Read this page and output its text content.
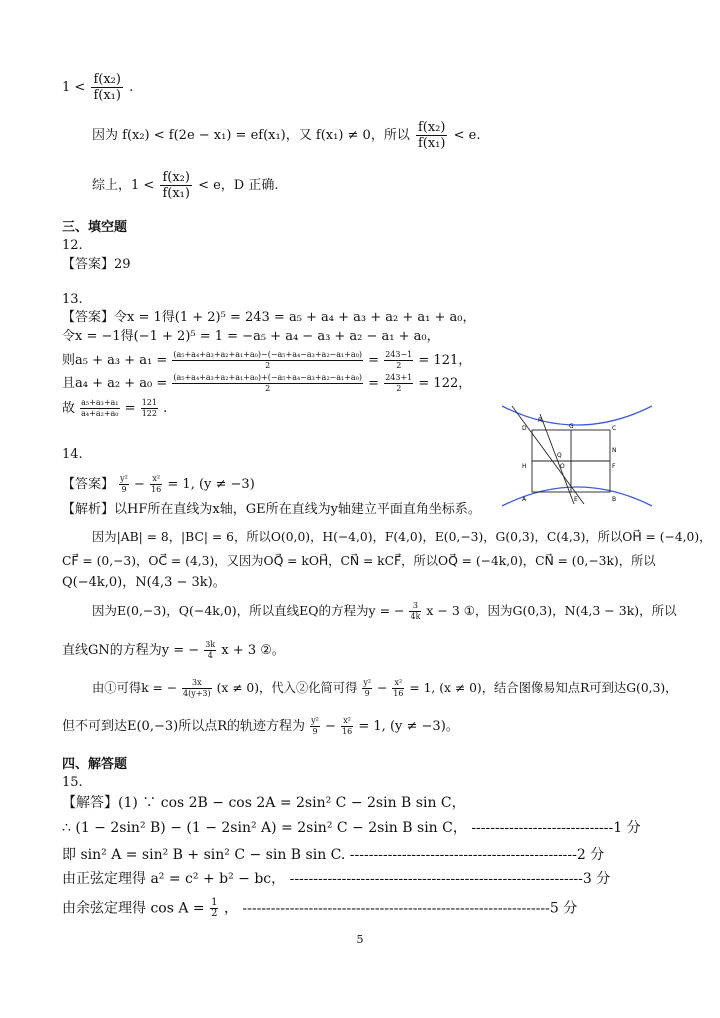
$1 < \frac{\text{f(x₂)}}{\text{f(x₁)}}$ .
因为 f(x₂) < f(2e − x₁) = ef(x₁)，又 f(x₁) ≠ 0，所以 $\frac{\text{f(x₂)}}{\text{f(x₁)}} < e$.
综上，$1 < \frac{\text{f(x₂)}}{\text{f(x₁)}} < e$，D 正确.
三、填空题
12.
【答案】29
13.
【答案】令x = 1得(1 + 2)⁵ = 243 = a₅ + a₄ + a₃ + a₂ + a₁ + a₀，
令x = −1得(−1 + 2)⁵ = 1 = −a₅ + a₄ − a₃ + a₂ − a₁ + a₀，
则$a_5 + a_3 + a_1 = \frac{\text{(a₅+a₄+a₃+a₂+a₁+a₀)−(−a₅+a₄−a₃+a₂−a₁+a₀)}}{2} = \frac{243-1}{2} = 121$，
且$a_4 + a_2 + a_0 = \frac{\text{(a₅+a₄+a₃+a₂+a₁+a₀)+(−a₅+a₄−a₃+a₂−a₁+a₀)}}{2} = \frac{243+1}{2} = 122$，
故 $\frac{\text{a₅+a₃+a₁}}{\text{a₄+a₂+a₀}} = \frac{121}{122}$ .
14.
【答案】 $\frac{\text{y²}}{9} - \frac{\text{x²}}{16} = 1$, (y ≠ −3)
【解析】以HF所在直线为x轴，GE所在直线为y轴建立平面直角坐标系。
因为|AB| = 8，|BC| = 6，所以O(0,0)，H(−4,0)，F(4,0)，E(0,−3)，G(0,3)，C(4,3)，所以OH⃗ = (−4,0)，
CF⃗ = (0,−3)，OC⃗ = (4,3)，又因为OQ⃗ = kOH⃗，CN⃗ = kCF⃗，所以OQ⃗ = (−4k,0)，CN⃗ = (0,−3k)，所以
Q(−4k,0)，N(4,3 − 3k)。
因为E(0,−3)，Q(−4k,0)，所以直线EQ的方程为y = − $\frac{3}{4k}$ x − 3 ①，因为G(0,3)，N(4,3 − 3k)，所以
直线GN的方程为y = − $\frac{3k}{4}$ x + 3 ②。
由①可得k = − $\frac{3x}{4(y+3)} (x \ne 0)$，代入②化简可得 $\frac{\text{y²}}{9} - \frac{\text{x²}}{16} = 1$, (x ≠ 0)，结合图像易知点R可到达G(0,3)，
但不可到达E(0,−3)所以点R的轨迹方程为 $\frac{\text{y²}}{9} - \frac{\text{x²}}{16} = 1$, (y ≠ −3)。
四、解答题
15.
【解答】(1) ∵ cos 2B − cos 2A = 2sin² C − 2sin B sin C，
∴ (1 − 2sin² B) − (1 − 2sin² A) = 2sin² C − 2sin B sin C， ------------------------------1 分
即 sin² A = sin² B + sin² C − sin B sin C. ------------------------------------------------2 分
由正弦定理得 a² = c² + b² − bc， --------------------------------------------------------------3 分
由余弦定理得 $\cos A = \frac{1}{2}$ ， -----------------------------------------------------------------5 分
R
G
D	C
N
Q
H	O	F
A	E	B
5
